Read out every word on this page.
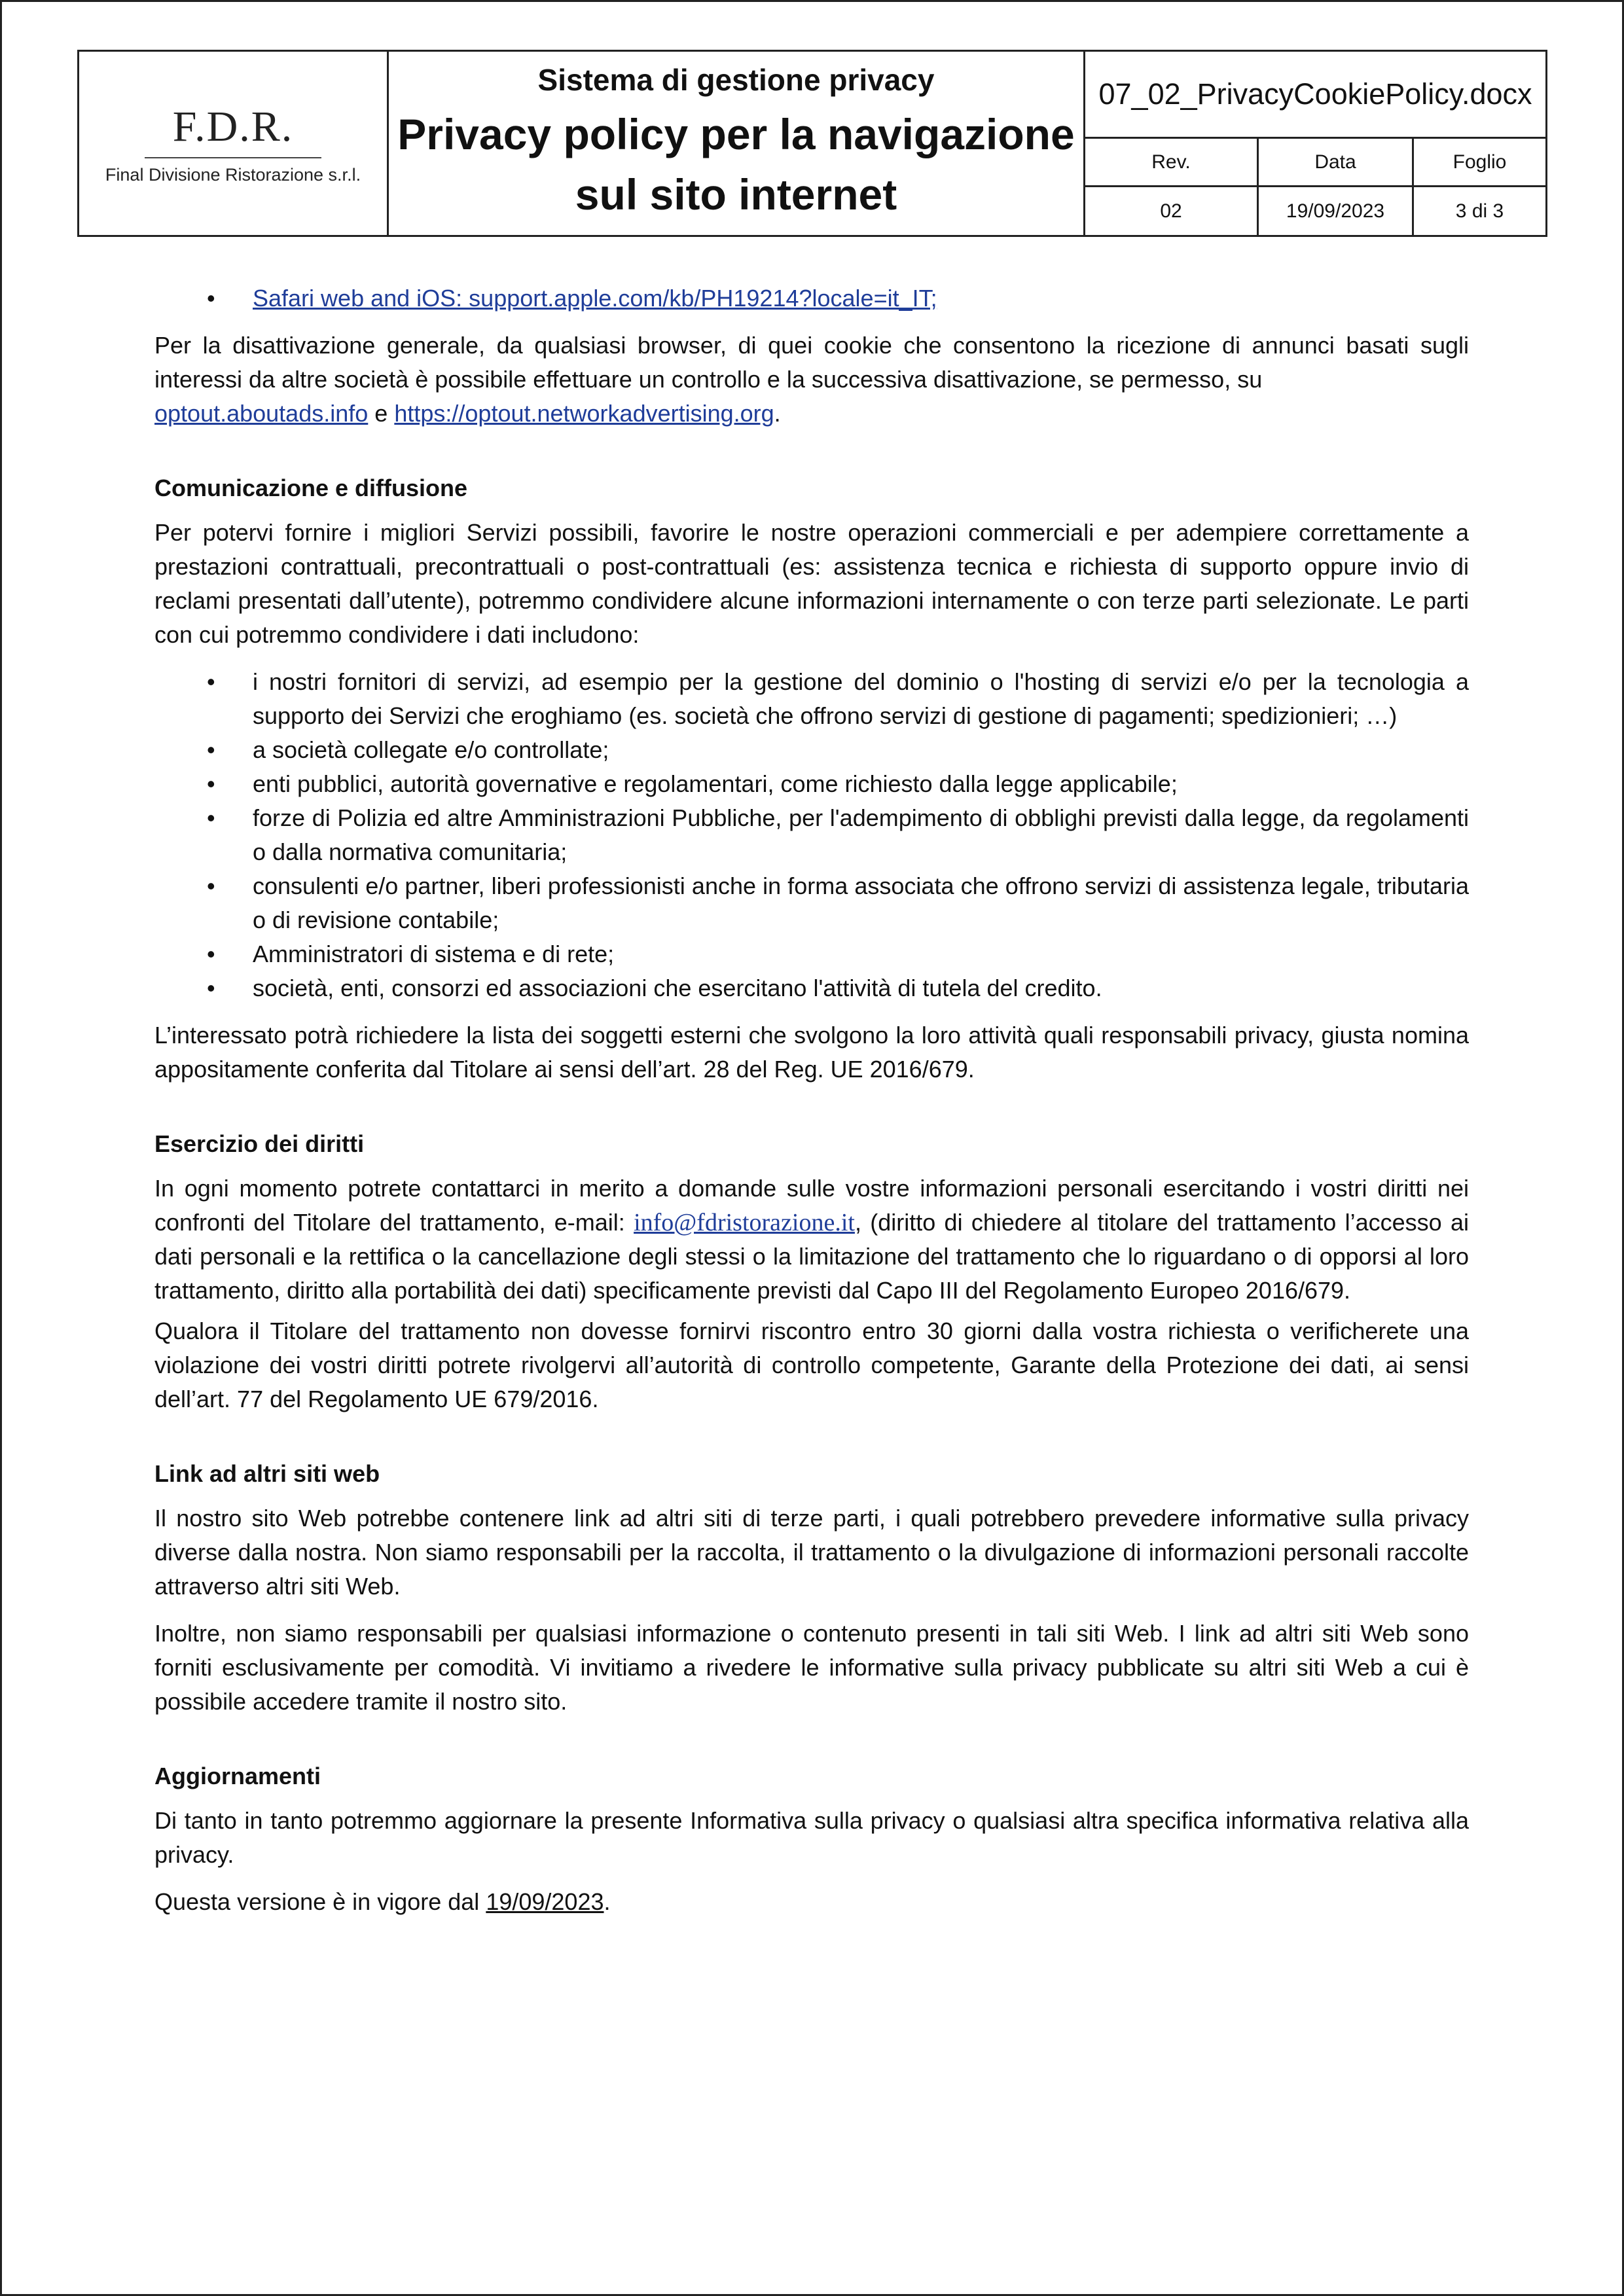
F.D.R.
Final Divisione Ristorazione s.r.l.
Sistema di gestione privacy
Privacy policy per la navigazione
sul sito internet
07_02_PrivacyCookiePolicy.docx
Rev.	Data	Foglio
02	19/09/2023	3 di 3
• Safari web and iOS: support.apple.com/kb/PH19214?locale=it_IT;

Per la disattivazione generale, da qualsiasi browser, di quei cookie che consentono la ricezione di annunci basati sugli interessi da altre società è possibile effettuare un controllo e la successiva disattivazione, se permesso, su
optout.aboutads.info e https://optout.networkadvertising.org.

Comunicazione e diffusione

Per potervi fornire i migliori Servizi possibili, favorire le nostre operazioni commerciali e per adempiere correttamente a prestazioni contrattuali, precontrattuali o post-contrattuali (es: assistenza tecnica e richiesta di supporto oppure invio di reclami presentati dall’utente), potremmo condividere alcune informazioni internamente o con terze parti selezionate. Le parti con cui potremmo condividere i dati includono:

• i nostri fornitori di servizi, ad esempio per la gestione del dominio o l'hosting di servizi e/o per la tecnologia a supporto dei Servizi che eroghiamo (es. società che offrono servizi di gestione di pagamenti; spedizionieri; …)
• a società collegate e/o controllate;
• enti pubblici, autorità governative e regolamentari, come richiesto dalla legge applicabile;
• forze di Polizia ed altre Amministrazioni Pubbliche, per l'adempimento di obblighi previsti dalla legge, da regolamenti o dalla normativa comunitaria;
• consulenti e/o partner, liberi professionisti anche in forma associata che offrono servizi di assistenza legale, tributaria o di revisione contabile;
• Amministratori di sistema e di rete;
• società, enti, consorzi ed associazioni che esercitano l'attività di tutela del credito.

L’interessato potrà richiedere la lista dei soggetti esterni che svolgono la loro attività quali responsabili privacy, giusta nomina appositamente conferita dal Titolare ai sensi dell’art. 28 del Reg. UE 2016/679.

Esercizio dei diritti

In ogni momento potrete contattarci in merito a domande sulle vostre informazioni personali esercitando i vostri diritti nei confronti del Titolare del trattamento, e-mail: info@fdristorazione.it, (diritto di chiedere al titolare del trattamento l’accesso ai dati personali e la rettifica o la cancellazione degli stessi o la limitazione del trattamento che lo riguardano o di opporsi al loro trattamento, diritto alla portabilità dei dati) specificamente previsti dal Capo III del Regolamento Europeo 2016/679.

Qualora il Titolare del trattamento non dovesse fornirvi riscontro entro 30 giorni dalla vostra richiesta o verificherete una violazione dei vostri diritti potrete rivolgervi all’autorità di controllo competente, Garante della Protezione dei dati, ai sensi dell’art. 77 del Regolamento UE 679/2016.

Link ad altri siti web

Il nostro sito Web potrebbe contenere link ad altri siti di terze parti, i quali potrebbero prevedere informative sulla privacy diverse dalla nostra. Non siamo responsabili per la raccolta, il trattamento o la divulgazione di informazioni personali raccolte attraverso altri siti Web.

Inoltre, non siamo responsabili per qualsiasi informazione o contenuto presenti in tali siti Web. I link ad altri siti Web sono forniti esclusivamente per comodità. Vi invitiamo a rivedere le informative sulla privacy pubblicate su altri siti Web a cui è possibile accedere tramite il nostro sito.

Aggiornamenti

Di tanto in tanto potremmo aggiornare la presente Informativa sulla privacy o qualsiasi altra specifica informativa relativa alla privacy.

Questa versione è in vigore dal 19/09/2023.
